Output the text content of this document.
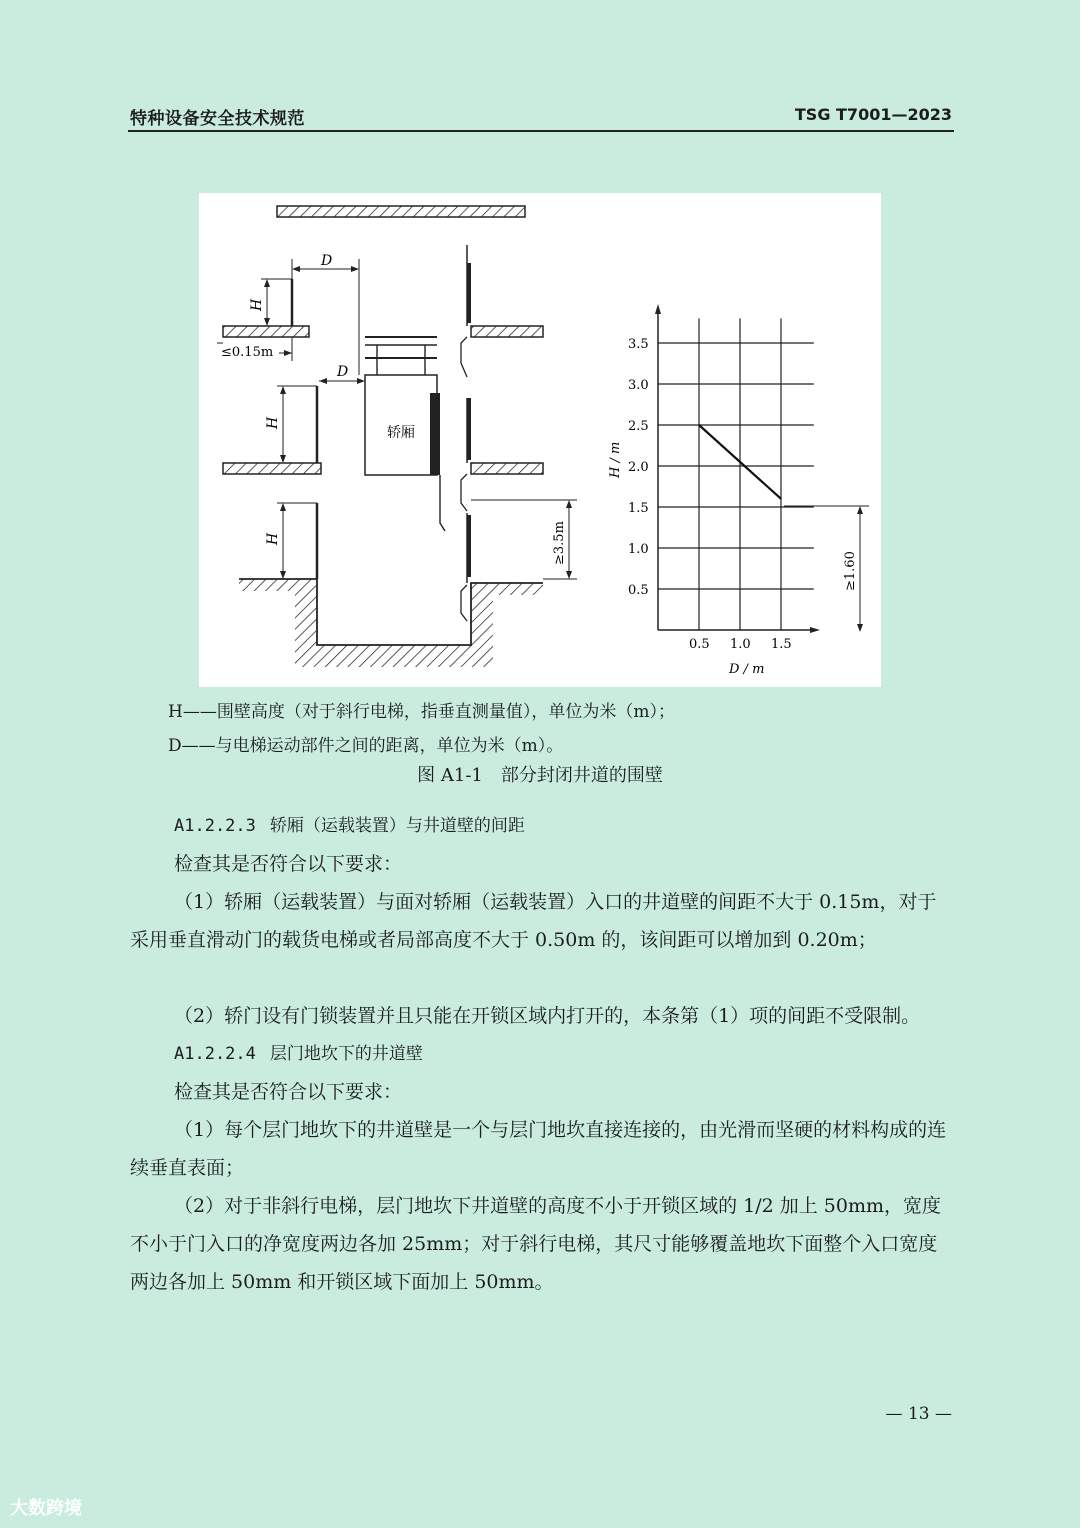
特种设备安全技术规范	TSG T7001—2023
轿厢
D
D
H
H
H
≤0.15m
≥3.5m
0.5
1.0
1.5
2.0
2.5
3.0
3.5
0.5 1.0 1.5
H / m
D / m
≥1.60
H——围壁高度（对于斜行电梯，指垂直测量值），单位为米（m）；
D——与电梯运动部件之间的距离，单位为米（m）。
图 A1-1　部分封闭井道的围壁
A1.2.2.3 轿厢（运载装置）与井道壁的间距
检查其是否符合以下要求：
（1）轿厢（运载装置）与面对轿厢（运载装置）入口的井道壁的间距不大于 0.15m，对于采用垂直滑动门的载货电梯或者局部高度不大于 0.50m 的，该间距可以增加到 0.20m；
（2）轿门设有门锁装置并且只能在开锁区域内打开的，本条第（1）项的间距不受限制。
A1.2.2.4 层门地坎下的井道壁
检查其是否符合以下要求：
（1）每个层门地坎下的井道壁是一个与层门地坎直接连接的，由光滑而坚硬的材料构成的连续垂直表面；
（2）对于非斜行电梯，层门地坎下井道壁的高度不小于开锁区域的 1/2 加上 50mm，宽度不小于门入口的净宽度两边各加 25mm；对于斜行电梯，其尺寸能够覆盖地坎下面整个入口宽度两边各加上 50mm 和开锁区域下面加上 50mm。
— 13 —
大数跨境
